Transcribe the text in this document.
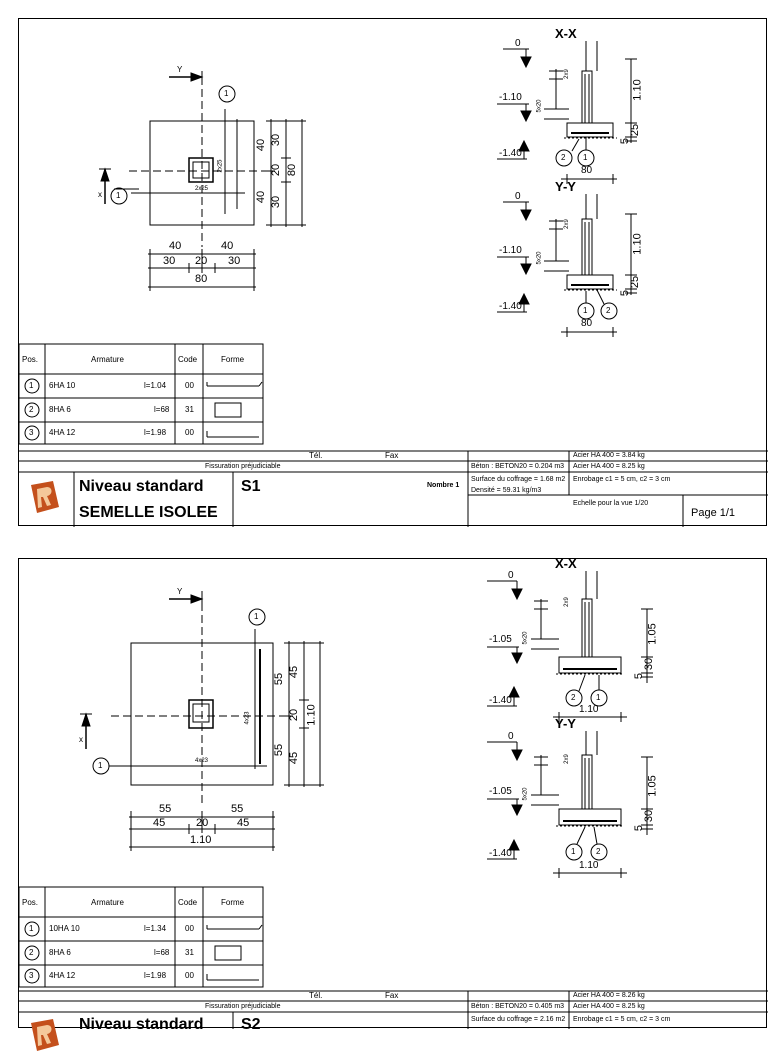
Y
x
1
1
2x25
2x25
40	40
30 20 30
80
40
40
30
20
30
80
X-X
0
-1.10
-1.40
2x9
5x20
1.10
25
5
80
2 1
Y-Y
0
-1.10
-1.40
2x9
5x20
1.10
25
5
80
1 2
Pos.	Armature	Code	Forme
1 6HA 10	l=1.04 00
2 8HA 6	l=68 31
3 4HA 12	l=1.98 00
Tél.	Fax
Fissuration préjudiciable	Béton : BETON20 = 0.204 m3
Surface du coffrage = 1.68 m2
Densité = 59.31 kg/m3
Acier HA 400 = 3.84 kg
Acier HA 400 = 8.25 kg
Enrobage c1 = 5 cm, c2 = 3 cm
Echelle pour la vue 1/20
Page 1/1
Nombre 1
Niveau standard
SEMELLE ISOLEE
S1
Y
x
1
1	4x23
4x23
55	55
45	20	45
1.10
55
55
45
20
45
1.10
X-X
0
-1.05
-1.40
2x9
5x20	1.05
30
5
1.10
2	1
Y-Y
0
-1.05
-1.40
2x9
5x20	1.05
30
5
1.10
1	2
Pos.	Armature	Code	Forme
1 10HA 10	l=1.34 00
2 8HA 6	l=68 31
3 4HA 12	l=1.98 00
Tél.	Fax
Fissuration préjudiciable	Béton : BETON20 = 0.405 m3
Surface du coffrage = 2.16 m2
Acier HA 400 = 8.26 kg
Acier HA 400 = 8.25 kg
Enrobage c1 = 5 cm, c2 = 3 cm
Niveau standard S2
